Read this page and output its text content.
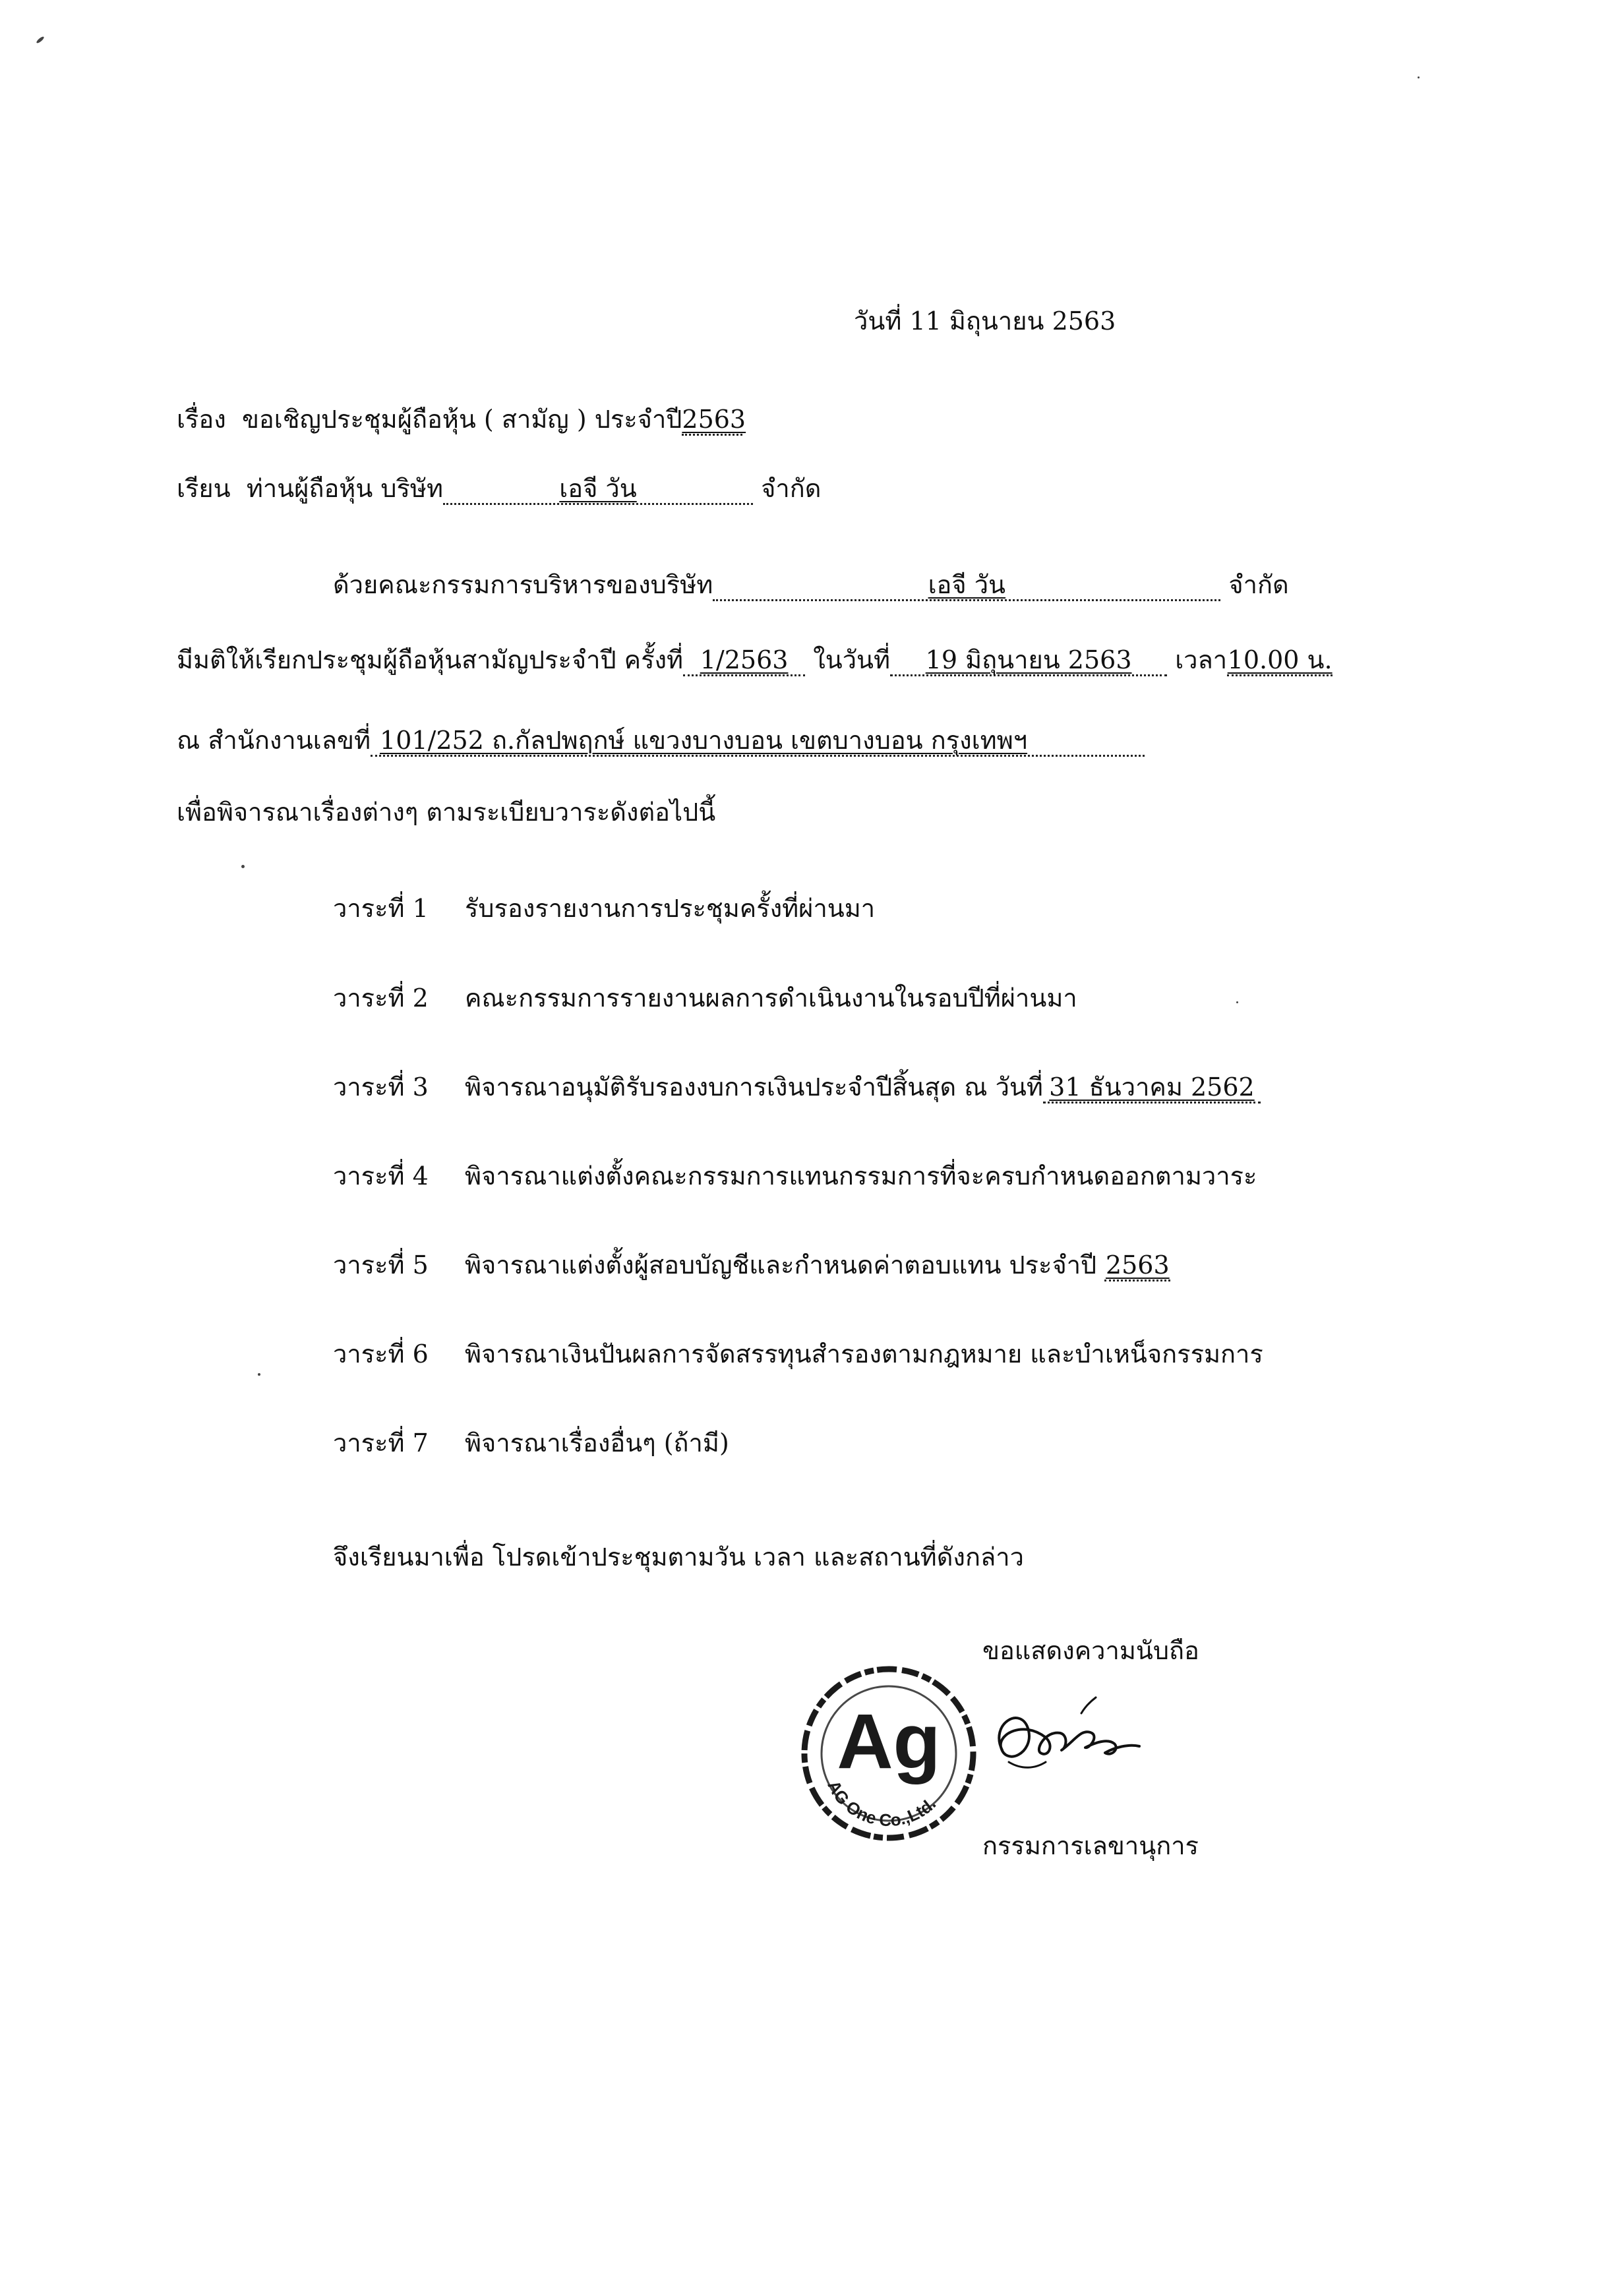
วันที่ 11 มิถุนายน 2563
เรื่อง ขอเชิญประชุมผู้ถือหุ้น ( สามัญ ) ประจำปี2563
เรียน ท่านผู้ถือหุ้น บริษัท	เอจี วัน	จำกัด
ด้วยคณะกรรมการบริหารของบริษัท	เอจี วัน	จำกัด
มีมติให้เรียกประชุมผู้ถือหุ้นสามัญประจำปี ครั้งที่ 1/2563 ในวันที่ 19 มิถุนายน 2563 เวลา10.00 น.
ณ สำนักงานเลขที่ 101/252 ถ.กัลปพฤกษ์ แขวงบางบอน เขตบางบอน กรุงเทพฯ
เพื่อพิจารณาเรื่องต่างๆ ตามระเบียบวาระดังต่อไปนี้
วาระที่ 1 รับรองรายงานการประชุมครั้งที่ผ่านมา
วาระที่ 2 คณะกรรมการรายงานผลการดำเนินงานในรอบปีที่ผ่านมา
วาระที่ 3 พิจารณาอนุมัติรับรองงบการเงินประจำปีสิ้นสุด ณ วันที่ 31 ธันวาคม 2562
วาระที่ 4 พิจารณาแต่งตั้งคณะกรรมการแทนกรรมการที่จะครบกำหนดออกตามวาระ
วาระที่ 5 พิจารณาแต่งตั้งผู้สอบบัญชีและกำหนดค่าตอบแทน ประจำปี 2563
วาระที่ 6 พิจารณาเงินปันผลการจัดสรรทุนสำรองตามกฎหมาย และบำเหน็จกรรมการ
วาระที่ 7 พิจารณาเรื่องอื่นๆ (ถ้ามี)
จึงเรียนมาเพื่อ โปรดเข้าประชุมตามวัน เวลา และสถานที่ดังกล่าว
ขอแสดงความนับถือ
Ag
AG One Co.,Ltd.
กรรมการเลขานุการ
